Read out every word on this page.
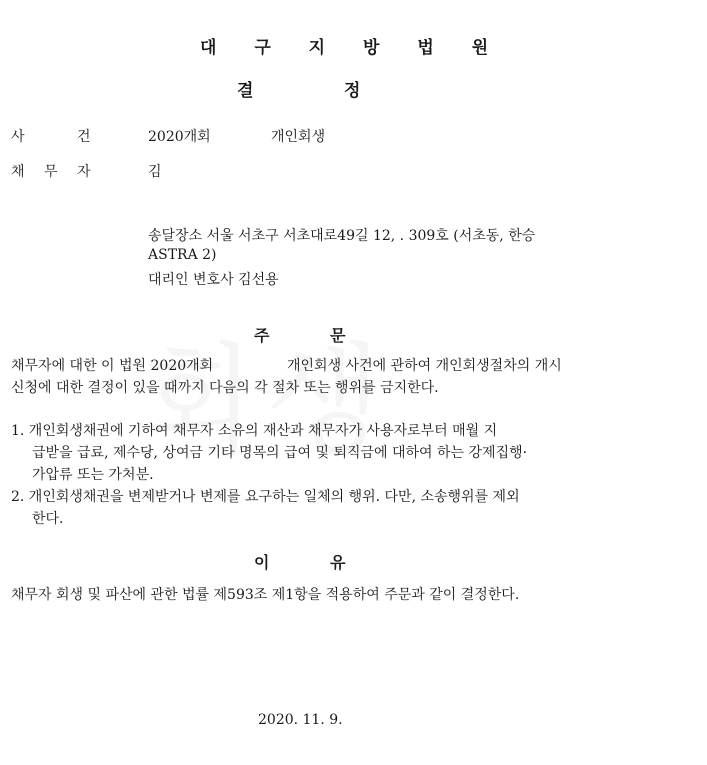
대 구 지 방 법 원
결	정
사	건	2020개회	개인회생
채 무 자	김
송달장소 서울 서초구 서초대로49길 12, . 309호 (서초동, 한승
ASTRA 2)
대리인 변호사 김선용
주	문
채무자에 대한 이 법원 2020개회	개인회생 사건에 관하여 개인회생절차의 개시
신청에 대한 결정이 있을 때까지 다음의 각 절차 또는 행위를 금지한다.
1. 개인회생채권에 기하여 채무자 소유의 재산과 채무자가 사용자로부터 매월 지
급받을 급료, 제수당, 상여금 기타 명목의 급여 및 퇴직금에 대하여 하는 강제집행·
가압류 또는 가처분.
2. 개인회생채권을 변제받거나 변제를 요구하는 일체의 행위. 다만, 소송행위를 제외
한다.
이	유
채무자 회생 및 파산에 관한 법률 제593조 제1항을 적용하여 주문과 같이 결정한다.
2020. 11. 9.
